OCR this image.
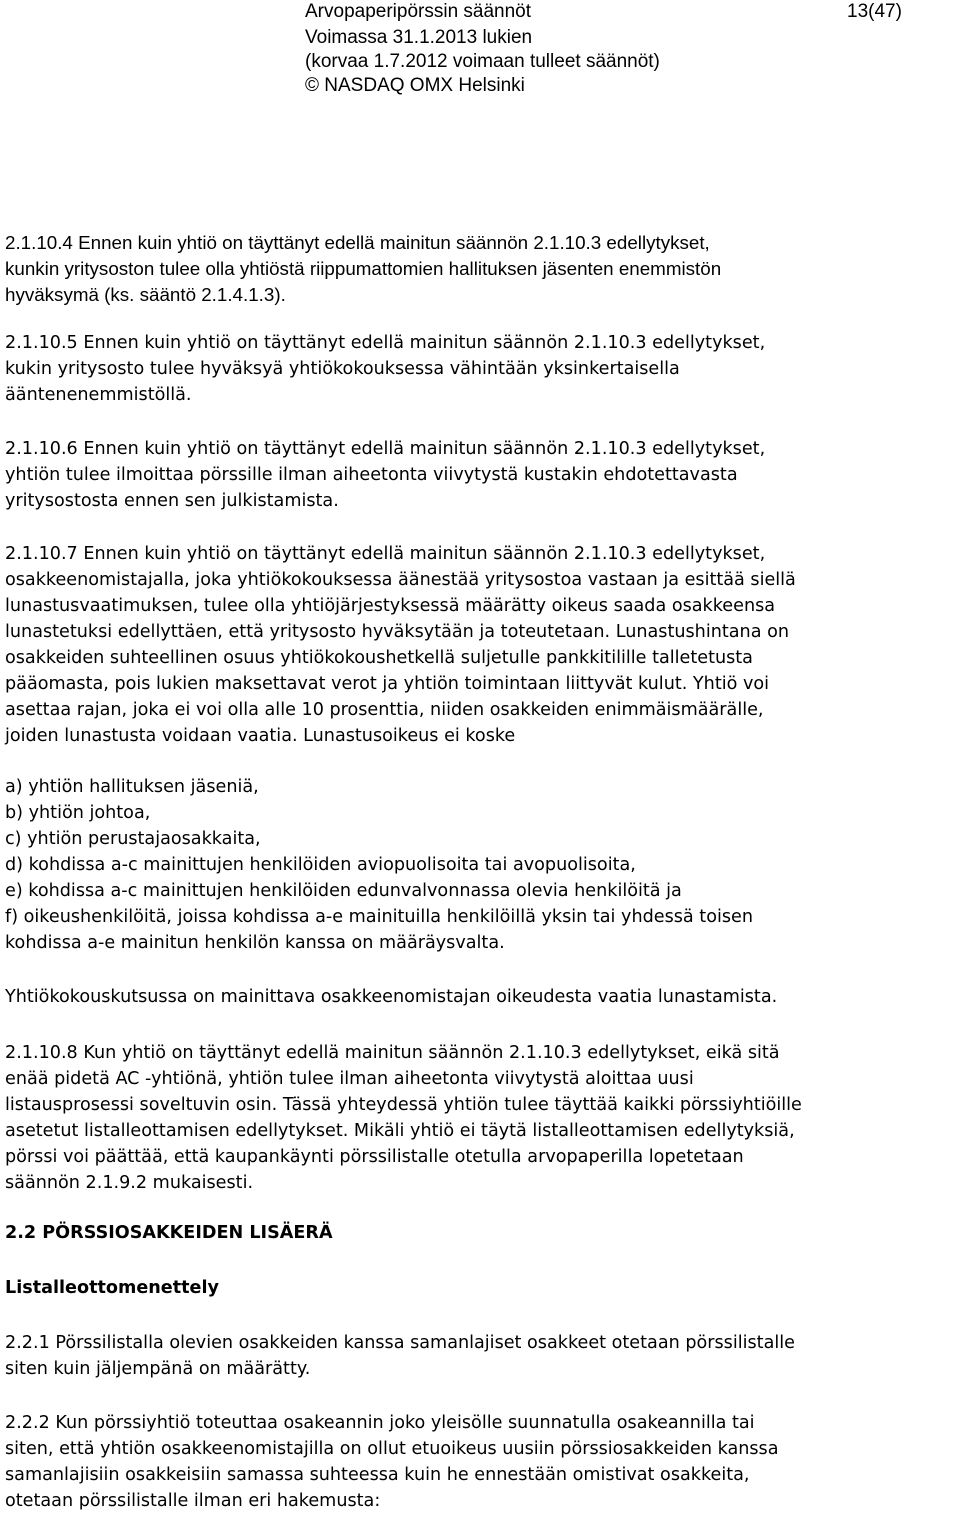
Arvopaperipörssin säännöt	13(47)
Voimassa 31.1.2013 lukien
(korvaa 1.7.2012 voimaan tulleet säännöt)
© NASDAQ OMX Helsinki
2.1.10.4 Ennen kuin yhtiö on täyttänyt edellä mainitun säännön 2.1.10.3 edellytykset,
kunkin yritysoston tulee olla yhtiöstä riippumattomien hallituksen jäsenten enemmistön
hyväksymä (ks. sääntö 2.1.4.1.3).
2.1.10.5 Ennen kuin yhtiö on täyttänyt edellä mainitun säännön 2.1.10.3 edellytykset,
kukin yritysosto tulee hyväksyä yhtiökokouksessa vähintään yksinkertaisella
ääntenenemmistöllä.
2.1.10.6 Ennen kuin yhtiö on täyttänyt edellä mainitun säännön 2.1.10.3 edellytykset,
yhtiön tulee ilmoittaa pörssille ilman aiheetonta viivytystä kustakin ehdotettavasta
yritysostosta ennen sen julkistamista.
2.1.10.7 Ennen kuin yhtiö on täyttänyt edellä mainitun säännön 2.1.10.3 edellytykset,
osakkeenomistajalla, joka yhtiökokouksessa äänestää yritysostoa vastaan ja esittää siellä
lunastusvaatimuksen, tulee olla yhtiöjärjestyksessä määrätty oikeus saada osakkeensa
lunastetuksi edellyttäen, että yritysosto hyväksytään ja toteutetaan. Lunastushintana on
osakkeiden suhteellinen osuus yhtiökokoushetkellä suljetulle pankkitilille talletetusta
pääomasta, pois lukien maksettavat verot ja yhtiön toimintaan liittyvät kulut. Yhtiö voi
asettaa rajan, joka ei voi olla alle 10 prosenttia, niiden osakkeiden enimmäismäärälle,
joiden lunastusta voidaan vaatia. Lunastusoikeus ei koske
a) yhtiön hallituksen jäseniä,
b) yhtiön johtoa,
c) yhtiön perustajaosakkaita,
d) kohdissa a-c mainittujen henkilöiden aviopuolisoita tai avopuolisoita,
e) kohdissa a-c mainittujen henkilöiden edunvalvonnassa olevia henkilöitä ja
f) oikeushenkilöitä, joissa kohdissa a-e mainituilla henkilöillä yksin tai yhdessä toisen
kohdissa a-e mainitun henkilön kanssa on määräysvalta.
Yhtiökokouskutsussa on mainittava osakkeenomistajan oikeudesta vaatia lunastamista.
2.1.10.8 Kun yhtiö on täyttänyt edellä mainitun säännön 2.1.10.3 edellytykset, eikä sitä
enää pidetä AC -yhtiönä, yhtiön tulee ilman aiheetonta viivytystä aloittaa uusi
listausprosessi soveltuvin osin. Tässä yhteydessä yhtiön tulee täyttää kaikki pörssiyhtiöille
asetetut listalleottamisen edellytykset. Mikäli yhtiö ei täytä listalleottamisen edellytyksiä,
pörssi voi päättää, että kaupankäynti pörssilistalle otetulla arvopaperilla lopetetaan
säännön 2.1.9.2 mukaisesti.
2.2 PÖRSSIOSAKKEIDEN LISÄERÄ
Listalleottomenettely
2.2.1 Pörssilistalla olevien osakkeiden kanssa samanlajiset osakkeet otetaan pörssilistalle
siten kuin jäljempänä on määrätty.
2.2.2 Kun pörssiyhtiö toteuttaa osakeannin joko yleisölle suunnatulla osakeannilla tai
siten, että yhtiön osakkeenomistajilla on ollut etuoikeus uusiin pörssiosakkeiden kanssa
samanlajisiin osakkeisiin samassa suhteessa kuin he ennestään omistivat osakkeita,
otetaan pörssilistalle ilman eri hakemusta:
